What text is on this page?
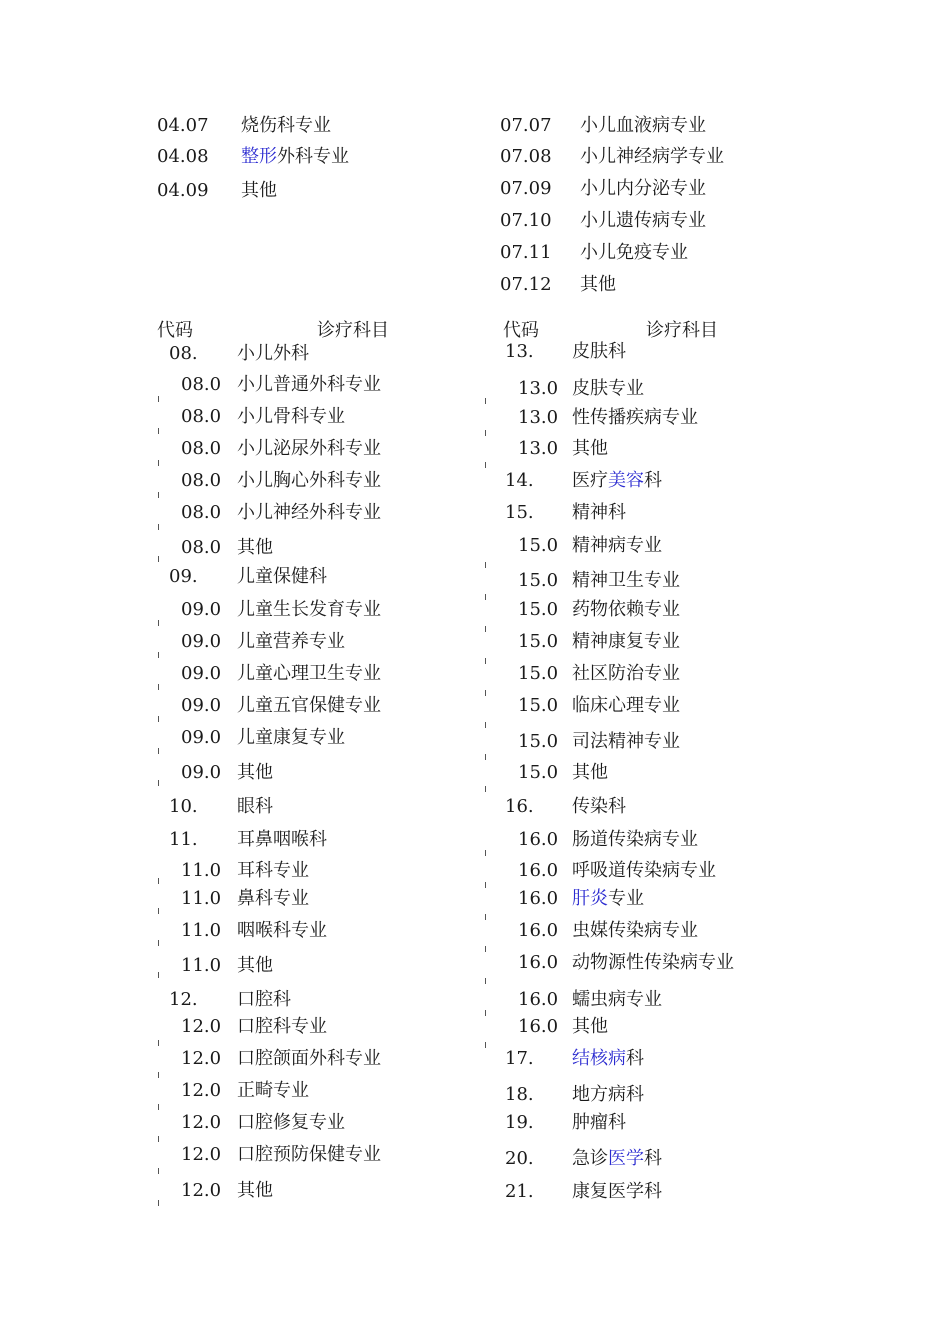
04.07 烧伤科专业
04.08 整形外科专业
04.09 其他
07.07 小儿血液病专业
07.08 小儿神经病学专业
07.09 小儿内分泌专业
07.10 小儿遗传病专业
07.11 小儿免疫专业
07.12 其他
代码	诊疗科目	代码	诊疗科目
08. 小儿外科
08.0 小儿普通外科专业
08.0 小儿骨科专业
08.0 小儿泌尿外科专业
08.0 小儿胸心外科专业
08.0 小儿神经外科专业
08.0 其他
09. 儿童保健科
09.0 儿童生长发育专业
09.0 儿童营养专业
09.0 儿童心理卫生专业
09.0 儿童五官保健专业
09.0 儿童康复专业
09.0 其他
10. 眼科
11. 耳鼻咽喉科
11.0 耳科专业
11.0 鼻科专业
11.0 咽喉科专业
11.0 其他
12. 口腔科
12.0 口腔科专业
12.0 口腔颌面外科专业
12.0 正畸专业
12.0 口腔修复专业
12.0 口腔预防保健专业
12.0 其他
13. 皮肤科
13.0 皮肤专业
13.0 性传播疾病专业
13.0 其他
14. 医疗美容科
15. 精神科
15.0 精神病专业
15.0 精神卫生专业
15.0 药物依赖专业
15.0 精神康复专业
15.0 社区防治专业
15.0 临床心理专业
15.0 司法精神专业
15.0 其他
16. 传染科
16.0 肠道传染病专业
16.0 呼吸道传染病专业
16.0 肝炎专业
16.0 虫媒传染病专业
16.0 动物源性传染病专业
16.0 蠕虫病专业
16.0 其他
17. 结核病科
18. 地方病科
19. 肿瘤科
20. 急诊医学科
21. 康复医学科
